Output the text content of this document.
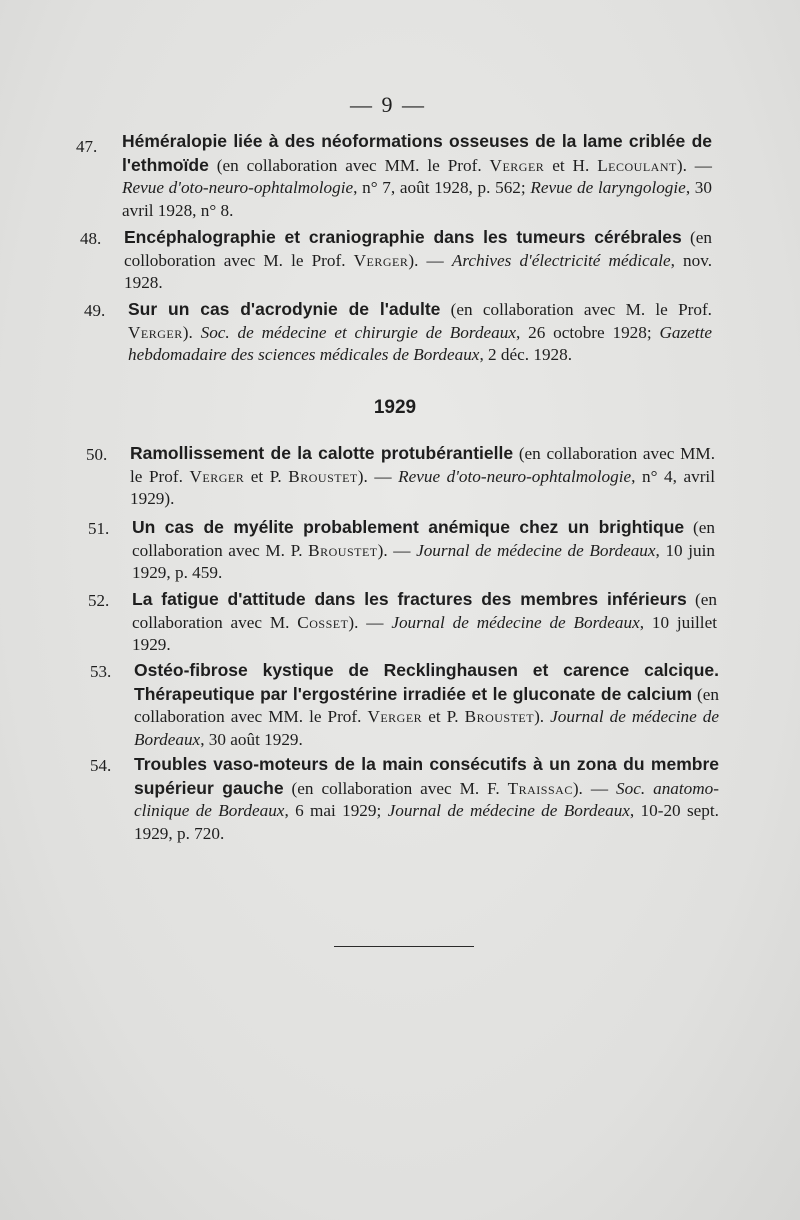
— 9 —
47. Héméralopie liée à des néoformations osseuses de la lame criblée de l'ethmoïde (en collaboration avec MM. le Prof. Verger et H. Lecoulant). — Revue d'oto-neuro-ophtalmologie, n° 7, août 1928, p. 562; Revue de laryngologie, 30 avril 1928, n° 8.
48. Encéphalographie et craniographie dans les tumeurs cérébrales (en colloboration avec M. le Prof. Verger). — Archives d'électricité médicale, nov. 1928.
49. Sur un cas d'acrodynie de l'adulte (en collaboration avec M. le Prof. Verger). Soc. de médecine et chirurgie de Bordeaux, 26 octobre 1928; Gazette hebdomadaire des sciences médicales de Bordeaux, 2 déc. 1928.
1929
50. Ramollissement de la calotte protubérantielle (en collaboration avec MM. le Prof. Verger et P. Broustet). — Revue d'oto-neuro-ophtalmologie, n° 4, avril 1929).
51. Un cas de myélite probablement anémique chez un brightique (en collaboration avec M. P. Broustet). — Journal de médecine de Bordeaux, 10 juin 1929, p. 459.
52. La fatigue d'attitude dans les fractures des membres inférieurs (en collaboration avec M. Cosset). — Journal de médecine de Bordeaux, 10 juillet 1929.
53. Ostéo-fibrose kystique de Recklinghausen et carence calcique. Thérapeutique par l'ergostérine irradiée et le gluconate de calcium (en collaboration avec MM. le Prof. Verger et P. Broustet). Journal de médecine de Bordeaux, 30 août 1929.
54. Troubles vaso-moteurs de la main consécutifs à un zona du membre supérieur gauche (en collaboration avec M. F. Traissac). — Soc. anatomo-clinique de Bordeaux, 6 mai 1929; Journal de médecine de Bordeaux, 10-20 sept. 1929, p. 720.
